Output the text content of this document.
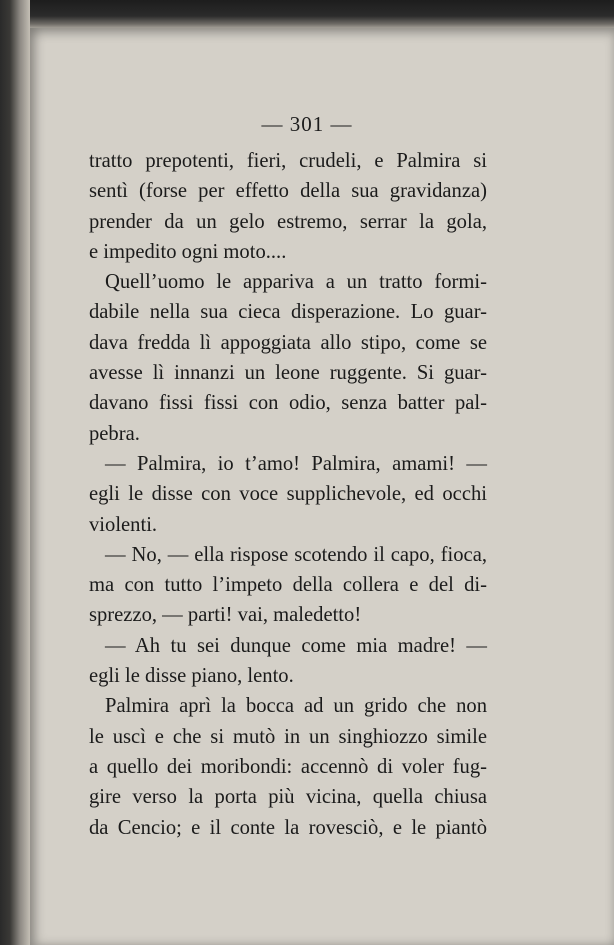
— 301 —
tratto prepotenti, fieri, crudeli, e Palmira si
sentì (forse per effetto della sua gravidanza)
prender da un gelo estremo, serrar la gola,
e impedito ogni moto....
Quell’uomo le appariva a un tratto formi-
dabile nella sua cieca disperazione. Lo guar-
dava fredda lì appoggiata allo stipo, come se
avesse lì innanzi un leone ruggente. Si guar-
davano fissi fissi con odio, senza batter pal-
pebra.
— Palmira, io t’amo! Palmira, amami! —
egli le disse con voce supplichevole, ed occhi
violenti.
— No, — ella rispose scotendo il capo, fioca,
ma con tutto l’impeto della collera e del di-
sprezzo, — parti! vai, maledetto!
— Ah tu sei dunque come mia madre! —
egli le disse piano, lento.
Palmira aprì la bocca ad un grido che non
le uscì e che si mutò in un singhiozzo simile
a quello dei moribondi: accennò di voler fug-
gire verso la porta più vicina, quella chiusa
da Cencio; e il conte la rovesciò, e le piantò
